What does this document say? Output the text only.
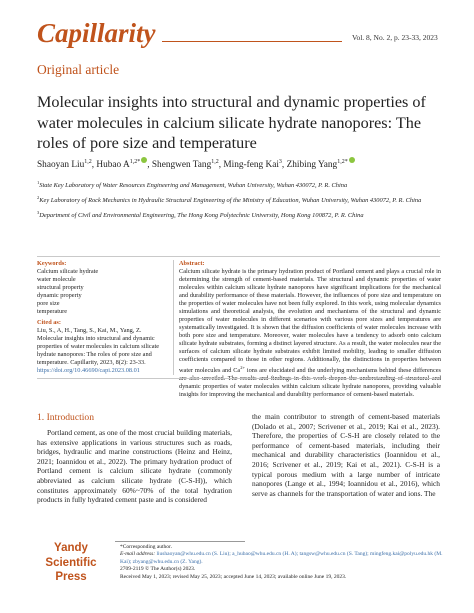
Capillarity	Vol. 8, No. 2, p. 23-33, 2023
Original article
Molecular insights into structural and dynamic properties of water molecules in calcium silicate hydrate nanopores: The roles of pore size and temperature
Shaoyan Liu$^{1,2}$, Hubao $A^{1,2*}$ , Shengwen Tang$^{1,2}$, Ming-feng Kai$^3$, Zhibing Yang$^{1,2*}$

$^1$State Key Laboratory of Water Resources Engineering and Management, Wuhan University, Wuhan 430072, P. R. China

$^2$Key Laboratory of Rock Mechanics in Hydraulic Structural Engineering of the Ministry of Education, Wuhan University, Wuhan 430072, P. R. China

$^3$Department of Civil and Environmental Engineering, The Hong Kong Polytechnic University, Hong Kong 100872, P. R. China

Keywords:
Calcium silicate hydrate
water molecule
structural property
dynamic property
pore size
temperature
Cited as:
Liu, S., A, H., Tang, S., Kai, M., Yang, Z. Molecular insights into structural and dynamic properties of water molecules in calcium silicate hydrate nanopores: The roles of pore size and temperature. Capillarity, 2023, 8(2): 23-33. https://doi.org/10.46690/capi.2023.08.01
Abstract:
Calcium silicate hydrate is the primary hydration product of Portland cement and plays a crucial role in determining the strength of cement-based materials. The structural and dynamic properties of water molecules within calcium silicate hydrate nanopores have significant implications for the mechanical and durability performance of these materials. However, the influences of pore size and temperature on the properties of water molecules have not been fully explored. In this work, using molecular dynamics simulations and theoretical analysis, the evolution and mechanisms of the structural and dynamic properties of water molecules in different scenarios with various pore sizes and temperatures are systematically investigated. It is shown that the diffusion coefficients of water molecules increase with both pore size and temperature. Moreover, water molecules have a tendency to adsorb onto calcium silicate hydrate substrates, forming a distinct layered structure. As a result, the water molecules near the surfaces of calcium silicate hydrate substrates exhibit limited mobility, leading to smaller diffusion coefficients compared to those in other regions. Additionally, the distinctions in properties between water molecules and $Ca^{2+}$ ions are elucidated and the underlying mechanisms behind these differences are also unveiled. The results and findings in this work deepen the understanding of structural and dynamic properties of water molecules within calcium silicate hydrate nanopores, providing valuable insights for improving the mechanical and durability performance of cement-based materials.
1. Introduction
Portland cement, as one of the most crucial building materials, has extensive applications in various structures such as roads, bridges, hydraulic and marine constructions (Heinz and Heinz, 2021; Ioannidou et al., 2022). The primary hydration product of Portland cement is calcium silicate hydrate (commonly abbreviated as calcium silicate hydrate (C-S-H)), which constitutes approximately 60%~70% of the total hydration products in fully hydrated cement paste and is considered
the main contributor to strength of cement-based materials (Dolado et al., 2007; Scrivener et al., 2019; Kai et al., 2023). Therefore, the properties of C-S-H are closely related to the performance of cement-based materials, including their mechanical and durability characteristics (Ioannidou et al., 2016; Scrivener et al., 2019; Kai et al., 2021). C-S-H is a typical porous medium with a large number of intricate nanopores (Lange et al., 1994; Ioannidou et al., 2016), which serve as channels for the transportation of water and ions. The
Yandy
Scientific
Press

*Corresponding author.

E-mail address: liushaoyan@whu.edu.cn (S. Liu); a_hubao@whu.edu.cn (H. A); tangsw@whu.edu.cn (S. Tang); mingfeng.kai@polyu.edu.hk (M. Kai); zbyang@whu.edu.cn (Z. Yang).

2709-2119 © The Author(s) 2023.

Received May 1, 2023; revised May 25, 2023; accepted June 14, 2023; available online June 19, 2023.
